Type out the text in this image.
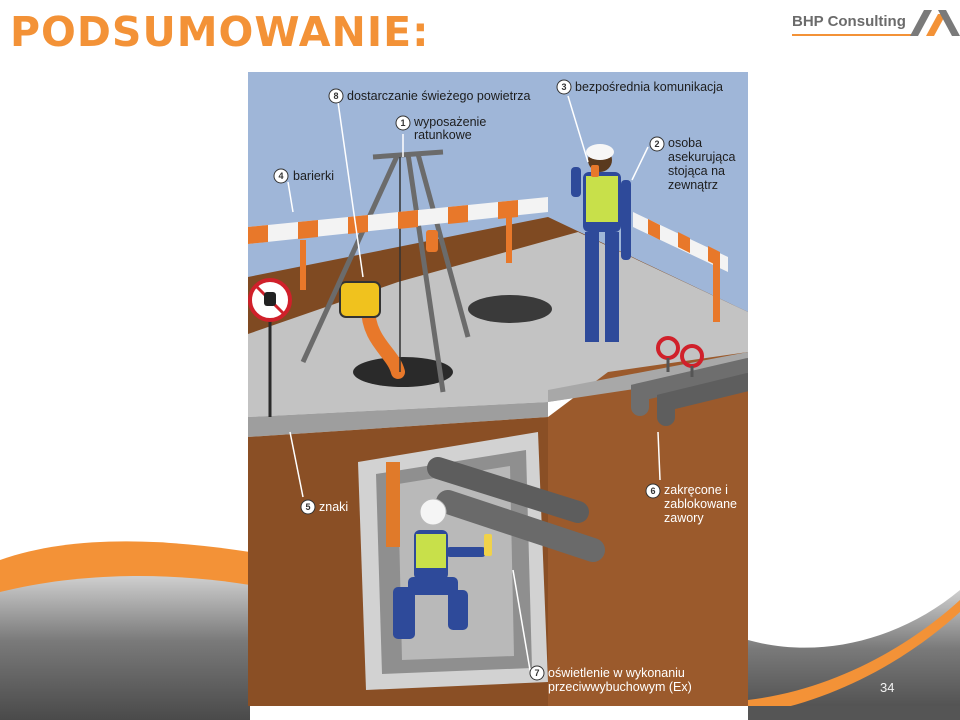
PODSUMOWANIE:	BHP Consulting
1 wyposażenie
ratunkowe
2 osoba
asekurująca
stojąca na
zewnątrz
3 bezpośrednia komunikacja
4 barierki
5 znaki
6 zakręcone i
zablokowane
zawory
7 oświetlenie w wykonaniu
przeciwwybuchowym (Ex)
8 dostarczanie świeżego powietrza
34
